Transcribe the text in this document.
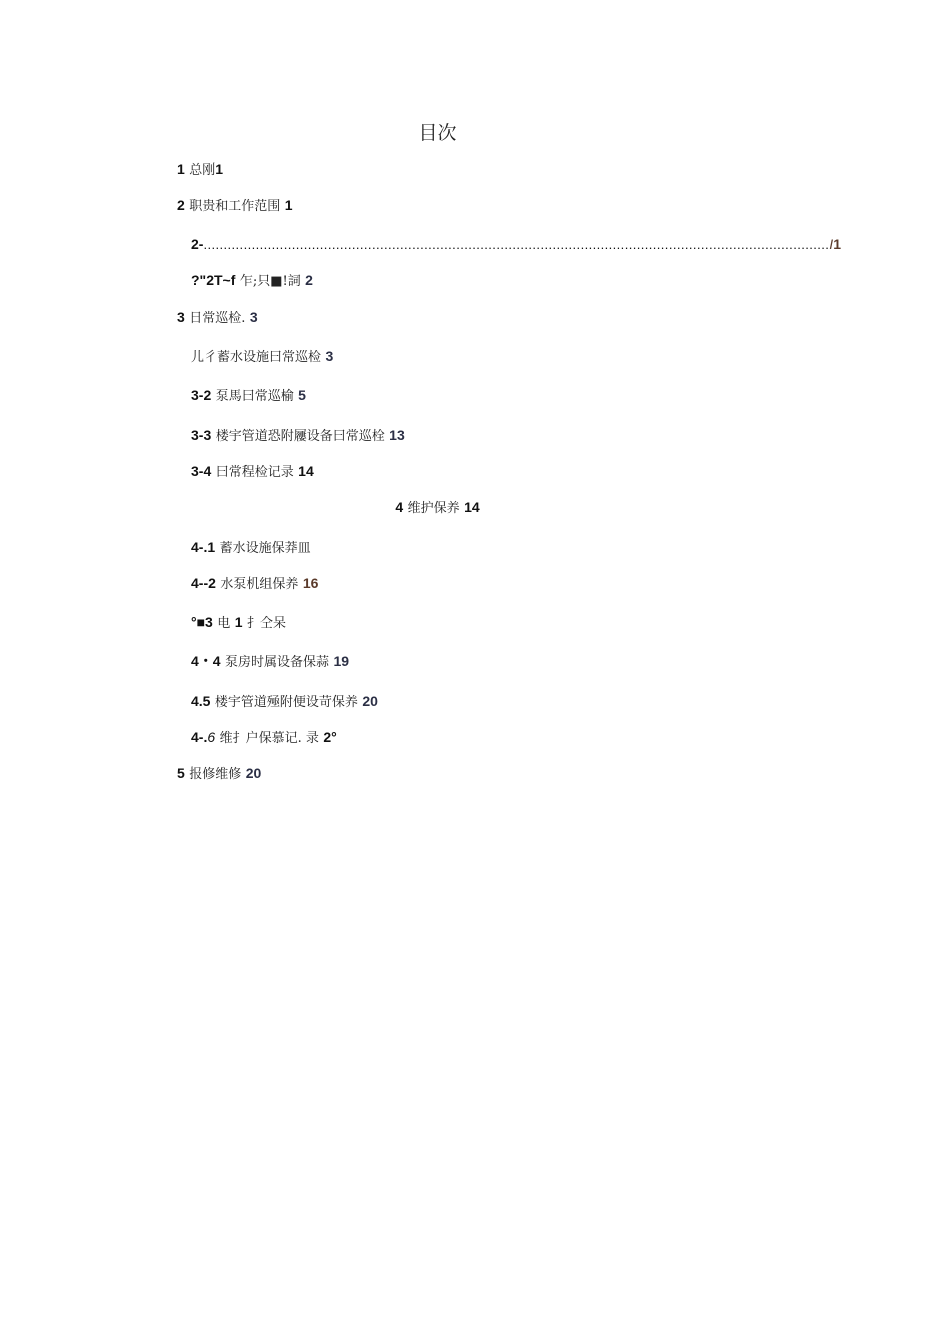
目次
1 总刚1
2 职贵和工作范围 1
2- ............................................................................................................................................................ I1
?"2T~f 乍;只■!詞 2
3 日常巡检. 3
儿彳蓄水设施曰常巡检 3
3-2 泵馬曰常巡榆 5
3-3 楼宇管道恐附屨设备曰常巡栓 13
3-4 曰常程检记录 14
4 维护保养 14
4-.1 蓄水设施保莽皿
4--2 水泵机组保养 16
°■3 电 1 扌仝呆
4・4 泵房时属设备保蒜 19
4.5 楼宇管道殛附便设苛保养 20
4-.6 维扌户保慕记. 录 2°
5 报修维修 20
